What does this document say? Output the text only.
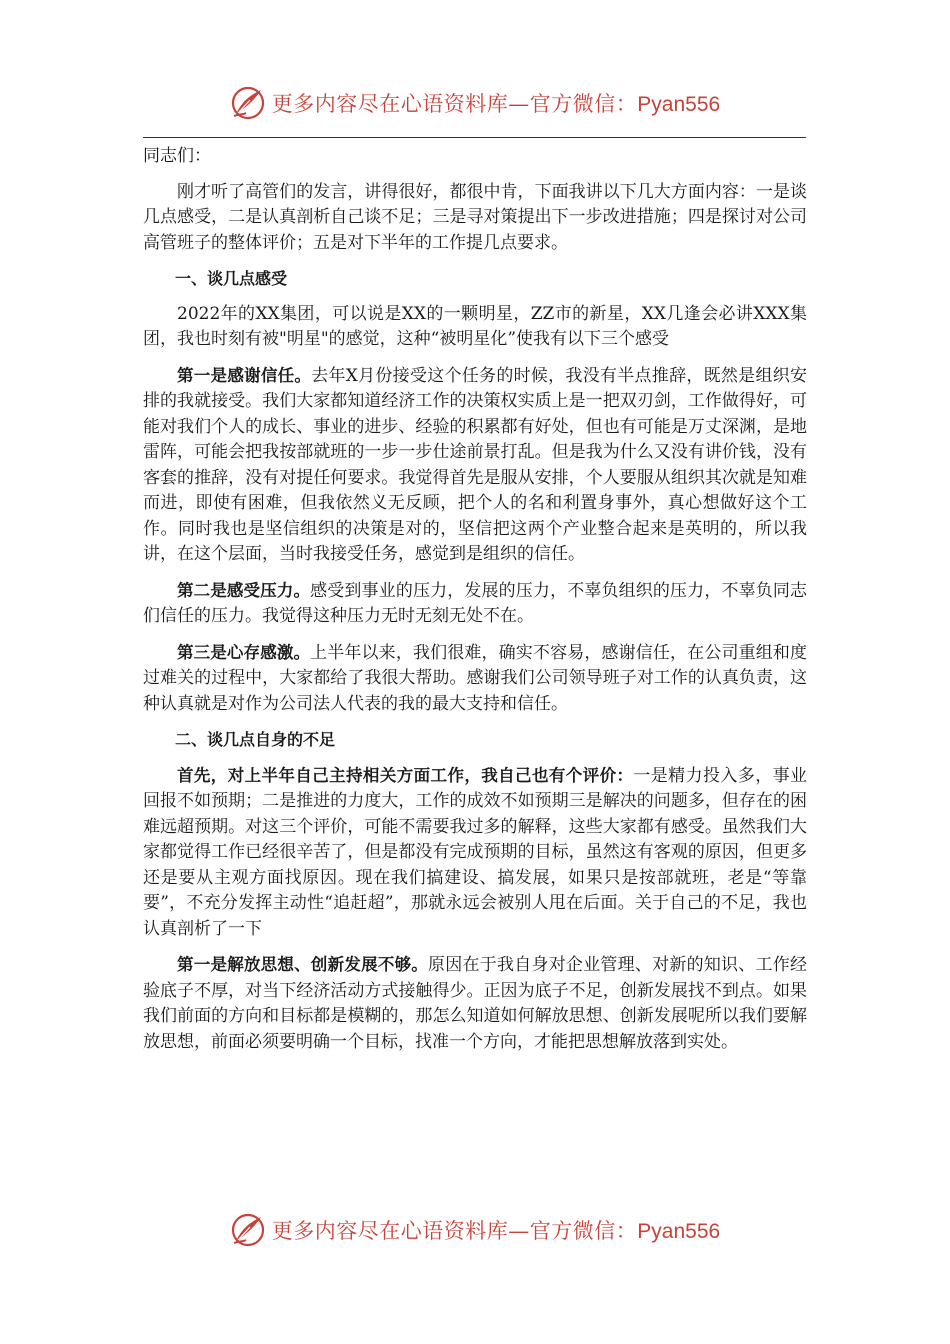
更多内容尽在心语资料库—官方微信：Pyan556

同志们：

刚才听了高管们的发言，讲得很好，都很中肯，下面我讲以下几大方面内容：一是谈几点感受，二是认真剖析自己谈不足；三是寻对策提出下一步改进措施；四是探讨对公司高管班子的整体评价；五是对下半年的工作提几点要求。

一、谈几点感受

2022年的XX集团，可以说是XX的一颗明星，ZZ市的新星，XX几逢会必讲XXX集团，我也时刻有被"明星"的感觉，这种“被明星化”使我有以下三个感受

第一是感谢信任。去年X月份接受这个任务的时候，我没有半点推辞，既然是组织安排的我就接受。我们大家都知道经济工作的决策权实质上是一把双刃剑，工作做得好，可能对我们个人的成长、事业的进步、经验的积累都有好处，但也有可能是万丈深渊，是地雷阵，可能会把我按部就班的一步一步仕途前景打乱。但是我为什么又没有讲价钱，没有客套的推辞，没有对提任何要求。我觉得首先是服从安排，个人要服从组织其次就是知难而进，即使有困难，但我依然义无反顾，把个人的名和利置身事外，真心想做好这个工作。同时我也是坚信组织的决策是对的，坚信把这两个产业整合起来是英明的，所以我讲，在这个层面，当时我接受任务，感觉到是组织的信任。

第二是感受压力。感受到事业的压力，发展的压力，不辜负组织的压力，不辜负同志们信任的压力。我觉得这种压力无时无刻无处不在。

第三是心存感激。上半年以来，我们很难，确实不容易，感谢信任，在公司重组和度过难关的过程中，大家都给了我很大帮助。感谢我们公司领导班子对工作的认真负责，这种认真就是对作为公司法人代表的我的最大支持和信任。

二、谈几点自身的不足

首先，对上半年自己主持相关方面工作，我自己也有个评价：一是精力投入多，事业回报不如预期；二是推进的力度大，工作的成效不如预期三是解决的问题多，但存在的困难远超预期。对这三个评价，可能不需要我过多的解释，这些大家都有感受。虽然我们大家都觉得工作已经很辛苦了，但是都没有完成预期的目标，虽然这有客观的原因，但更多还是要从主观方面找原因。现在我们搞建设、搞发展，如果只是按部就班，老是“等靠要”，不充分发挥主动性“追赶超”，那就永远会被别人甩在后面。关于自己的不足，我也认真剖析了一下

第一是解放思想、创新发展不够。原因在于我自身对企业管理、对新的知识、工作经验底子不厚，对当下经济活动方式接触得少。正因为底子不足，创新发展找不到点。如果我们前面的方向和目标都是模糊的，那怎么知道如何解放思想、创新发展呢所以我们要解放思想，前面必须要明确一个目标，找准一个方向，才能把思想解放落到实处。

更多内容尽在心语资料库—官方微信：Pyan556
